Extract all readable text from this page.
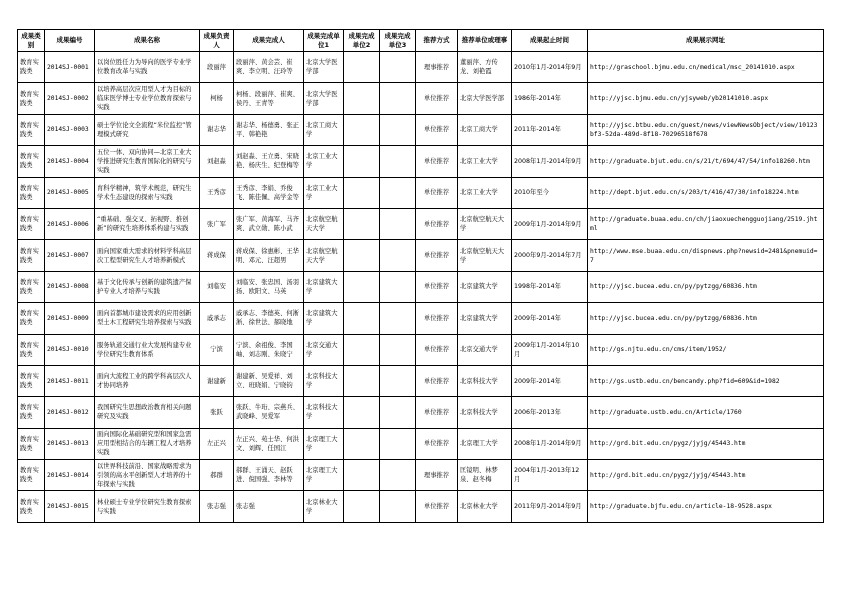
成果类别	成果编号	成果名称	成果负责人	成果完成人	成果完成单位1	成果完成单位2	成果完成单位3	推荐方式	推荐单位或理事	成果起止时间	成果展示网址
教育实践类	2014SJ-0001	以岗位胜任力为导向的医学专业学位教育改革与实践	段丽萍	段丽萍、黄会芸、崔爽、李立明、汪玲等	北京大学医学部			理事推荐	董丽萍、方传龙、刘艳霞	2010年1月-2014年9月	http://graschool.bjmu.edu.cn/medical/msc_20141010.aspx
教育实践类	2014SJ-0002	以培养高层次应用型人才为目标的临床医学博士专业学位教育探索与实践	柯杨	柯杨、段丽萍、崔爽、侯丹、王青等	北京大学医学部			单位推荐	北京大学医学部	1986年-2014年	http://yjsc.bjmu.edu.cn/yjsyweb/yb20141010.aspx
教育实践类	2014SJ-0003	硕士学位论文全流程“米位监控”管理模式研究	谢志华	谢志华、杨德勇、张正平、韩艳艳	北京工商大学			单位推荐	北京工商大学	2011年-2014年	http://yjsc.btbu.edu.cn/guest/news/viewNewsObject/view/10123bf3-52da-489d-8f18-70296518f678
教育实践类	2014SJ-0004	五位一体、双向协同—北京工业大学推进研究生教育国际化的研究与实践	刘赵淼	刘赵淼、王立勇、宋晓艳、杨庆生、纪登梅等	北京工业大学			单位推荐	北京工业大学	2008年1月-2014年9月	http://graduate.bjut.edu.cn/s/21/t/694/47/54/info18260.htm
教育实践类	2014SJ-0005	育科学精神，筑学术规范，研究生学术生态建设的探索与实践	王秀彦	王秀彦、李娟、乔俊飞、陈佳佩、高学金等	北京工业大学			单位推荐	北京工业大学	2010年至今	http://dept.bjut.edu.cn/s/203/t/416/47/30/info18224.htm
教育实践类	2014SJ-0006	“重基础、强交叉、拓视野、推创新”的研究生培养体系构建与实践	张广军	张广军、黄海军、马齐爽、武立勋、陈小武	北京航空航天大学			单位推荐	北京航空航天大学	2009年1月-2014年9月	http://graduate.buaa.edu.cn/ch/jiaoxuechengguojiang/2519.jhtml
教育实践类	2014SJ-0007	面向国家重大需求的材料学科高层次工程型研究生人才培养新模式	蒋成保	蒋成保、徐惠彬、王华明、邓元、汪超男	北京航空航天大学			单位推荐	北京航空航天大学	2000年9月-2014年7月	http://www.mse.buaa.edu.cn/dispnews.php?newsid=2481&pnemuid=7
教育实践类	2014SJ-0008	基于文化传承与创新的建筑遗产保护专业人才培养与实践	刘临安	刘临安、张忠国、汤羽扬、欧阳文、马英	北京建筑大学			单位推荐	北京建筑大学	1998年-2014年	http://yjsc.bucea.edu.cn/py/pytzgg/60836.htm
教育实践类	2014SJ-0009	面向首都城市建设需求的应用创新型土木工程研究生培养探索与实践	戚承志	戚承志、李德英、何淅淅、徐世法、郝晓地	北京建筑大学			单位推荐	北京建筑大学	2009年-2014年	http://yjsc.bucea.edu.cn/py/pytzgg/60836.htm
教育实践类	2014SJ-0010	服务轨道交通行业大发展构建专业学位研究生教育体系	宁滨	宁滨、余祖俊、李国岫、刘志刚、朱晓宁	北京交通大学			单位推荐	北京交通大学	2009年1月-2014年10月	http://gs.njtu.edu.cn/cms/item/1952/
教育实践类	2014SJ-0011	面向大流程工业的跨学科高层次人才协同培养	谢建新	谢建新、吴爱祥、刘立、班晓娟、宁晓钧	北京科技大学			单位推荐	北京科技大学	2009年-2014年	http://gs.ustb.edu.cn/bencandy.php?fid=609&id=1982
教育实践类	2014SJ-0012	我国研究生思想政治教育相关问题研究及实践	张跃	张跃、牛珩、宗燕兵、武晓峰、吴爱军	北京科技大学			单位推荐	北京科技大学	2006年-2013年	http://graduate.ustb.edu.cn/Article/1760
教育实践类	2014SJ-0013	面向国际化基础研究型和国家急需应用型相结合的车辆工程人才培养实践	左正兴	左正兴、苑士华、何洪文、刘辉、任国江	北京理工大学			单位推荐	北京理工大学	2008年1月-2014年9月	http://grd.bit.edu.cn/pygz/jyjg/45443.htm
教育实践类	2014SJ-0014	以世界科技前沿、国家战略需求为引领的高水平创新型人才培养的十年探索与实践	郝群	郝群、王涌天、赵跃进、倪国强、李林等	北京理工大学			理事推荐	匡镜明、林梦泉、赵冬梅	2004年1月-2013年12月	http://grd.bit.edu.cn/pygz/jyjg/45443.htm
教育实践类	2014SJ-0015	林业硕士专业学位研究生教育探索与实践	张志强	张志强	北京林业大学			单位推荐	北京林业大学	2011年9月-2014年9月	http://graduate.bjfu.edu.cn/article-18-9528.aspx
